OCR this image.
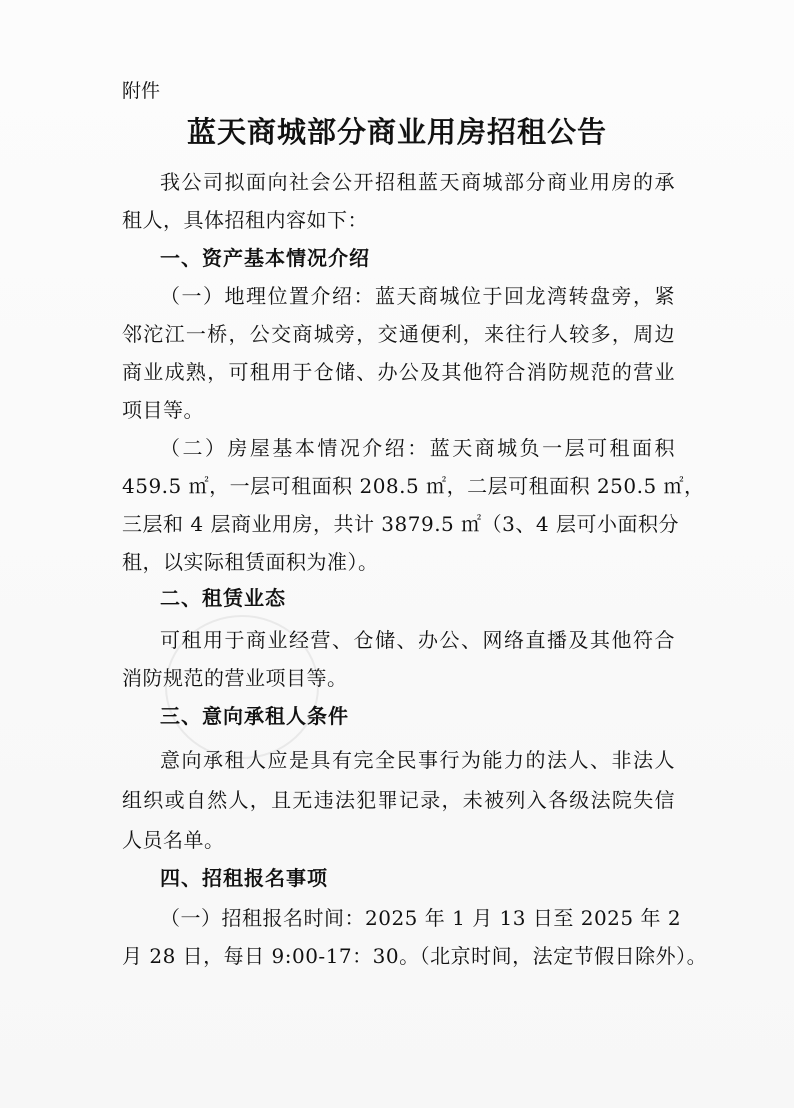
附件
蓝天商城部分商业用房招租公告
我公司拟面向社会公开招租蓝天商城部分商业用房的承
租人，具体招租内容如下：
一、资产基本情况介绍
（一）地理位置介绍：蓝天商城位于回龙湾转盘旁，紧
邻沱江一桥，公交商城旁，交通便利，来往行人较多，周边
商业成熟，可租用于仓储、办公及其他符合消防规范的营业
项目等。
（二）房屋基本情况介绍：蓝天商城负一层可租面积
459.5 ㎡，一层可租面积 208.5 ㎡，二层可租面积 250.5 ㎡，
三层和 4 层商业用房，共计 3879.5 ㎡（3、4 层可小面积分
租，以实际租赁面积为准）。
二、租赁业态
可租用于商业经营、仓储、办公、网络直播及其他符合
消防规范的营业项目等。
三、意向承租人条件
意向承租人应是具有完全民事行为能力的法人、非法人
组织或自然人，且无违法犯罪记录，未被列入各级法院失信
人员名单。
四、招租报名事项
（一）招租报名时间：2025 年 1 月 13 日至 2025 年 2
月 28 日，每日 9:00-17：30。（北京时间，法定节假日除外）。
